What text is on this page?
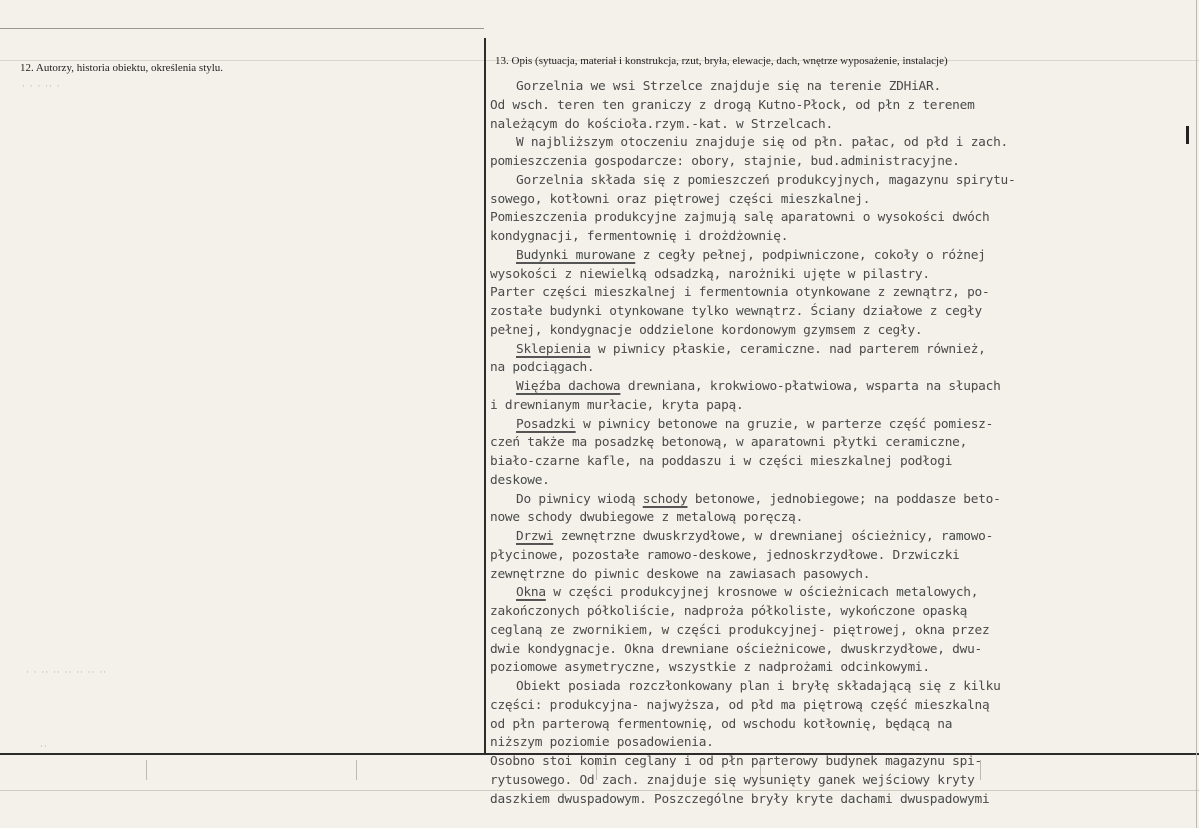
12. Autorzy, historia obiektu, określenia stylu.
13. Opis (sytuacja, materiał i konstrukcja, rzut, bryła, elewacje, dach, wnętrze wyposażenie, instalacje)
· · · ·· ·
· · ·· ·· ·· ·· ·· ··
··
Gorzelnia we wsi Strzelce znajduje się na terenie ZDHiAR.
Od wsch. teren ten graniczy z drogą Kutno-Płock, od płn z terenem
należącym do kościoła.rzym.-kat. w Strzelcach.
W najbliższym otoczeniu znajduje się od płn. pałac, od płd i zach.
pomieszczenia gospodarcze: obory, stajnie, bud.administracyjne.
Gorzelnia składa się z pomieszczeń produkcyjnych, magazynu spirytu-
sowego, kotłowni oraz piętrowej części mieszkalnej.
Pomieszczenia produkcyjne zajmują salę aparatowni o wysokości dwóch
kondygnacji, fermentownię i drożdżownię.
Budynki murowane z cegły pełnej, podpiwniczone, cokoły o różnej
wysokości z niewielką odsadzką, narożniki ujęte w pilastry.
Parter części mieszkalnej i fermentownia otynkowane z zewnątrz, po-
zostałe budynki otynkowane tylko wewnątrz. Ściany działowe z cegły
pełnej, kondygnacje oddzielone kordonowym gzymsem z cegły.
Sklepienia w piwnicy płaskie, ceramiczne. nad parterem również,
na podciągach.
Więźba dachowa drewniana, krokwiowo-płatwiowa, wsparta na słupach
i drewnianym murłacie, kryta papą.
Posadzki w piwnicy betonowe na gruzie, w parterze część pomiesz-
czeń także ma posadzkę betonową, w aparatowni płytki ceramiczne,
biało-czarne kafle, na poddaszu i w części mieszkalnej podłogi
deskowe.
Do piwnicy wiodą schody betonowe, jednobiegowe; na poddasze beto-
nowe schody dwubiegowe z metalową poręczą.
Drzwi zewnętrzne dwuskrzydłowe, w drewnianej ościeżnicy, ramowo-
płycinowe, pozostałe ramowo-deskowe, jednoskrzydłowe. Drzwiczki
zewnętrzne do piwnic deskowe na zawiasach pasowych.
Okna w części produkcyjnej krosnowe w ościeżnicach metalowych,
zakończonych półkoliście, nadproża półkoliste, wykończone opaską
ceglaną ze zwornikiem, w części produkcyjnej- piętrowej, okna przez
dwie kondygnacje. Okna drewniane ościeżnicowe, dwuskrzydłowe, dwu-
poziomowe asymetryczne, wszystkie z nadprożami odcinkowymi.
Obiekt posiada rozczłonkowany plan i bryłę składającą się z kilku
części: produkcyjna- najwyższa, od płd ma piętrową część mieszkalną
od płn parterową fermentownię, od wschodu kotłownię, będącą na
niższym poziomie posadowienia.
Osobno stoi komin ceglany i od płn parterowy budynek magazynu spi-
rytusowego. Od zach. znajduje się wysunięty ganek wejściowy kryty
daszkiem dwuspadowym. Poszczególne bryły kryte dachami dwuspadowymi
